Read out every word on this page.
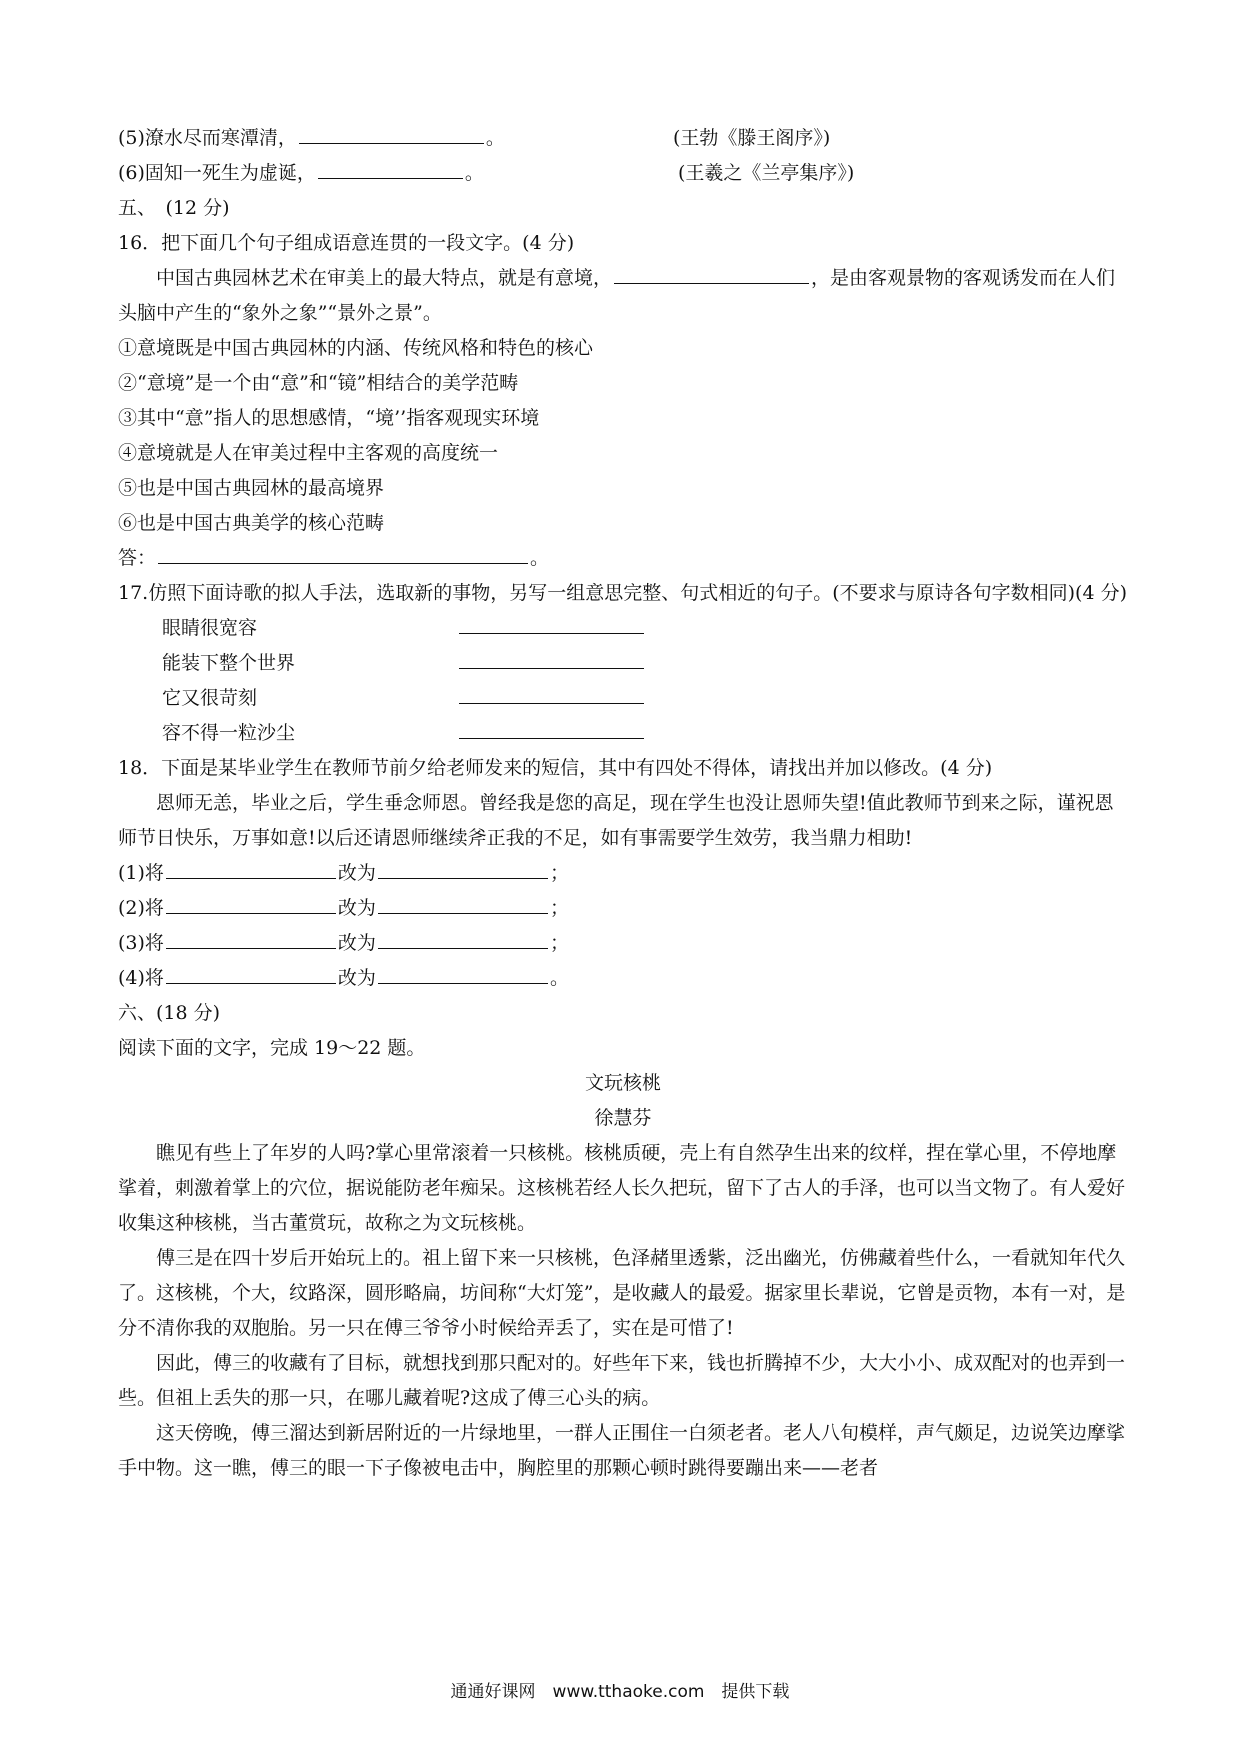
(5)潦水尽而寒潭清，	。	(王勃《滕王阁序》)
(6)固知一死生为虚诞，	。	(王羲之《兰亭集序》)
五、　(12 分)
16．把下面几个句子组成语意连贯的一段文字。(4 分)
中国古典园林艺术在审美上的最大特点，就是有意境，	，是由客观景物的客观诱发而在人们头脑中产生的“象外之象”“景外之景”。
①意境既是中国古典园林的内涵、传统风格和特色的核心
②“意境”是一个由“意”和“镜”相结合的美学范畴
③其中“意”指人的思想感情，“境’’指客观现实环境
④意境就是人在审美过程中主客观的高度统一
⑤也是中国古典园林的最高境界
⑥也是中国古典美学的核心范畴
答：	。
17.仿照下面诗歌的拟人手法，选取新的事物，另写一组意思完整、句式相近的句子。(不要求与原诗各句字数相同)(4 分)
眼睛很宽容
能装下整个世界
它又很苛刻
容不得一粒沙尘
18．下面是某毕业学生在教师节前夕给老师发来的短信，其中有四处不得体，请找出并加以修改。(4 分)
恩师无恙，毕业之后，学生垂念师恩。曾经我是您的高足，现在学生也没让恩师失望!值此教师节到来之际，谨祝恩师节日快乐，万事如意!以后还请恩师继续斧正我的不足，如有事需要学生效劳，我当鼎力相助!
(1)将	改为	；
(2)将	改为	；
(3)将	改为	；
(4)将	改为	。
六、(18 分)
阅读下面的文字，完成 19～22 题。
文玩核桃
徐慧芬
瞧见有些上了年岁的人吗?掌心里常滚着一只核桃。核桃质硬，壳上有自然孕生出来的纹样，捏在掌心里，不停地摩挲着，刺激着掌上的穴位，据说能防老年痴呆。这核桃若经人长久把玩，留下了古人的手泽，也可以当文物了。有人爱好收集这种核桃，当古董赏玩，故称之为文玩核桃。
傅三是在四十岁后开始玩上的。祖上留下来一只核桃，色泽赭里透紫，泛出幽光，仿佛藏着些什么，一看就知年代久了。这核桃，个大，纹路深，圆形略扁，坊间称“大灯笼”，是收藏人的最爱。据家里长辈说，它曾是贡物，本有一对，是分不清你我的双胞胎。另一只在傅三爷爷小时候给弄丢了，实在是可惜了!
因此，傅三的收藏有了目标，就想找到那只配对的。好些年下来，钱也折腾掉不少，大大小小、成双配对的也弄到一些。但祖上丢失的那一只，在哪儿藏着呢?这成了傅三心头的病。
这天傍晚，傅三溜达到新居附近的一片绿地里，一群人正围住一白须老者。老人八旬模样，声气颇足，边说笑边摩挲手中物。这一瞧，傅三的眼一下子像被电击中，胸腔里的那颗心顿时跳得要蹦出来——老者
通通好课网　www.tthaoke.com　提供下载
